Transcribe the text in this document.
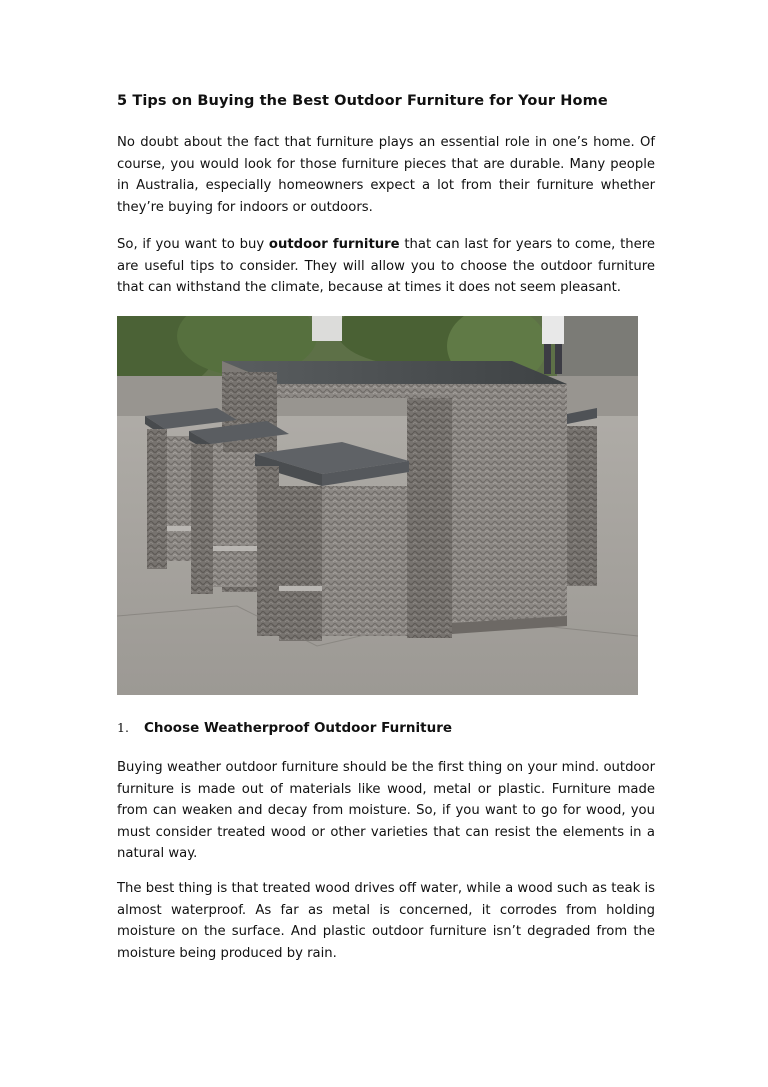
5 Tips on Buying the Best Outdoor Furniture for Your Home

No doubt about the fact that furniture plays an essential role in one’s home. Of course, you would look for those furniture pieces that are durable. Many people in Australia, especially homeowners expect a lot from their furniture whether they’re buying for indoors or outdoors.

So, if you want to buy outdoor furniture that can last for years to come, there are useful tips to consider. They will allow you to choose the outdoor furniture that can withstand the climate, because at times it does not seem pleasant.

1. Choose Weatherproof Outdoor Furniture

Buying weather outdoor furniture should be the first thing on your mind. outdoor furniture is made out of materials like wood, metal or plastic. Furniture made from can weaken and decay from moisture. So, if you want to go for wood, you must consider treated wood or other varieties that can resist the elements in a natural way.

The best thing is that treated wood drives off water, while a wood such as teak is almost waterproof. As far as metal is concerned, it corrodes from holding moisture on the surface. And plastic outdoor furniture isn’t degraded from the moisture being produced by rain.
